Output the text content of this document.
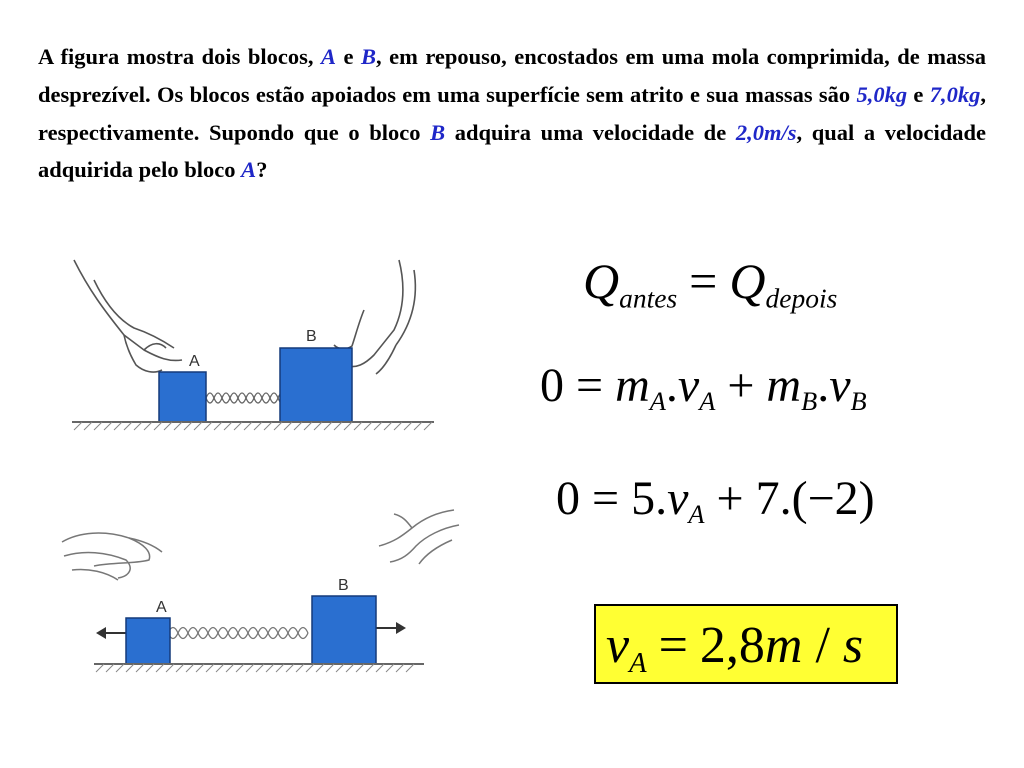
A figura mostra dois blocos, A e B, em repouso, encostados em uma mola comprimida, de massa desprezível. Os blocos estão apoiados em uma superfície sem atrito e sua massas são 5,0kg e 7,0kg, respectivamente. Supondo que o bloco B adquira uma velocidade de 2,0m/s, qual a velocidade adquirida pelo bloco A?
A
B
A
B
$Q_{antes} = Q_{depois}$
$0 = m_A.v_A + m_B.v_B$
$0 = 5.v_A + 7.(-2)$
$v_A = 2,8m / s$
